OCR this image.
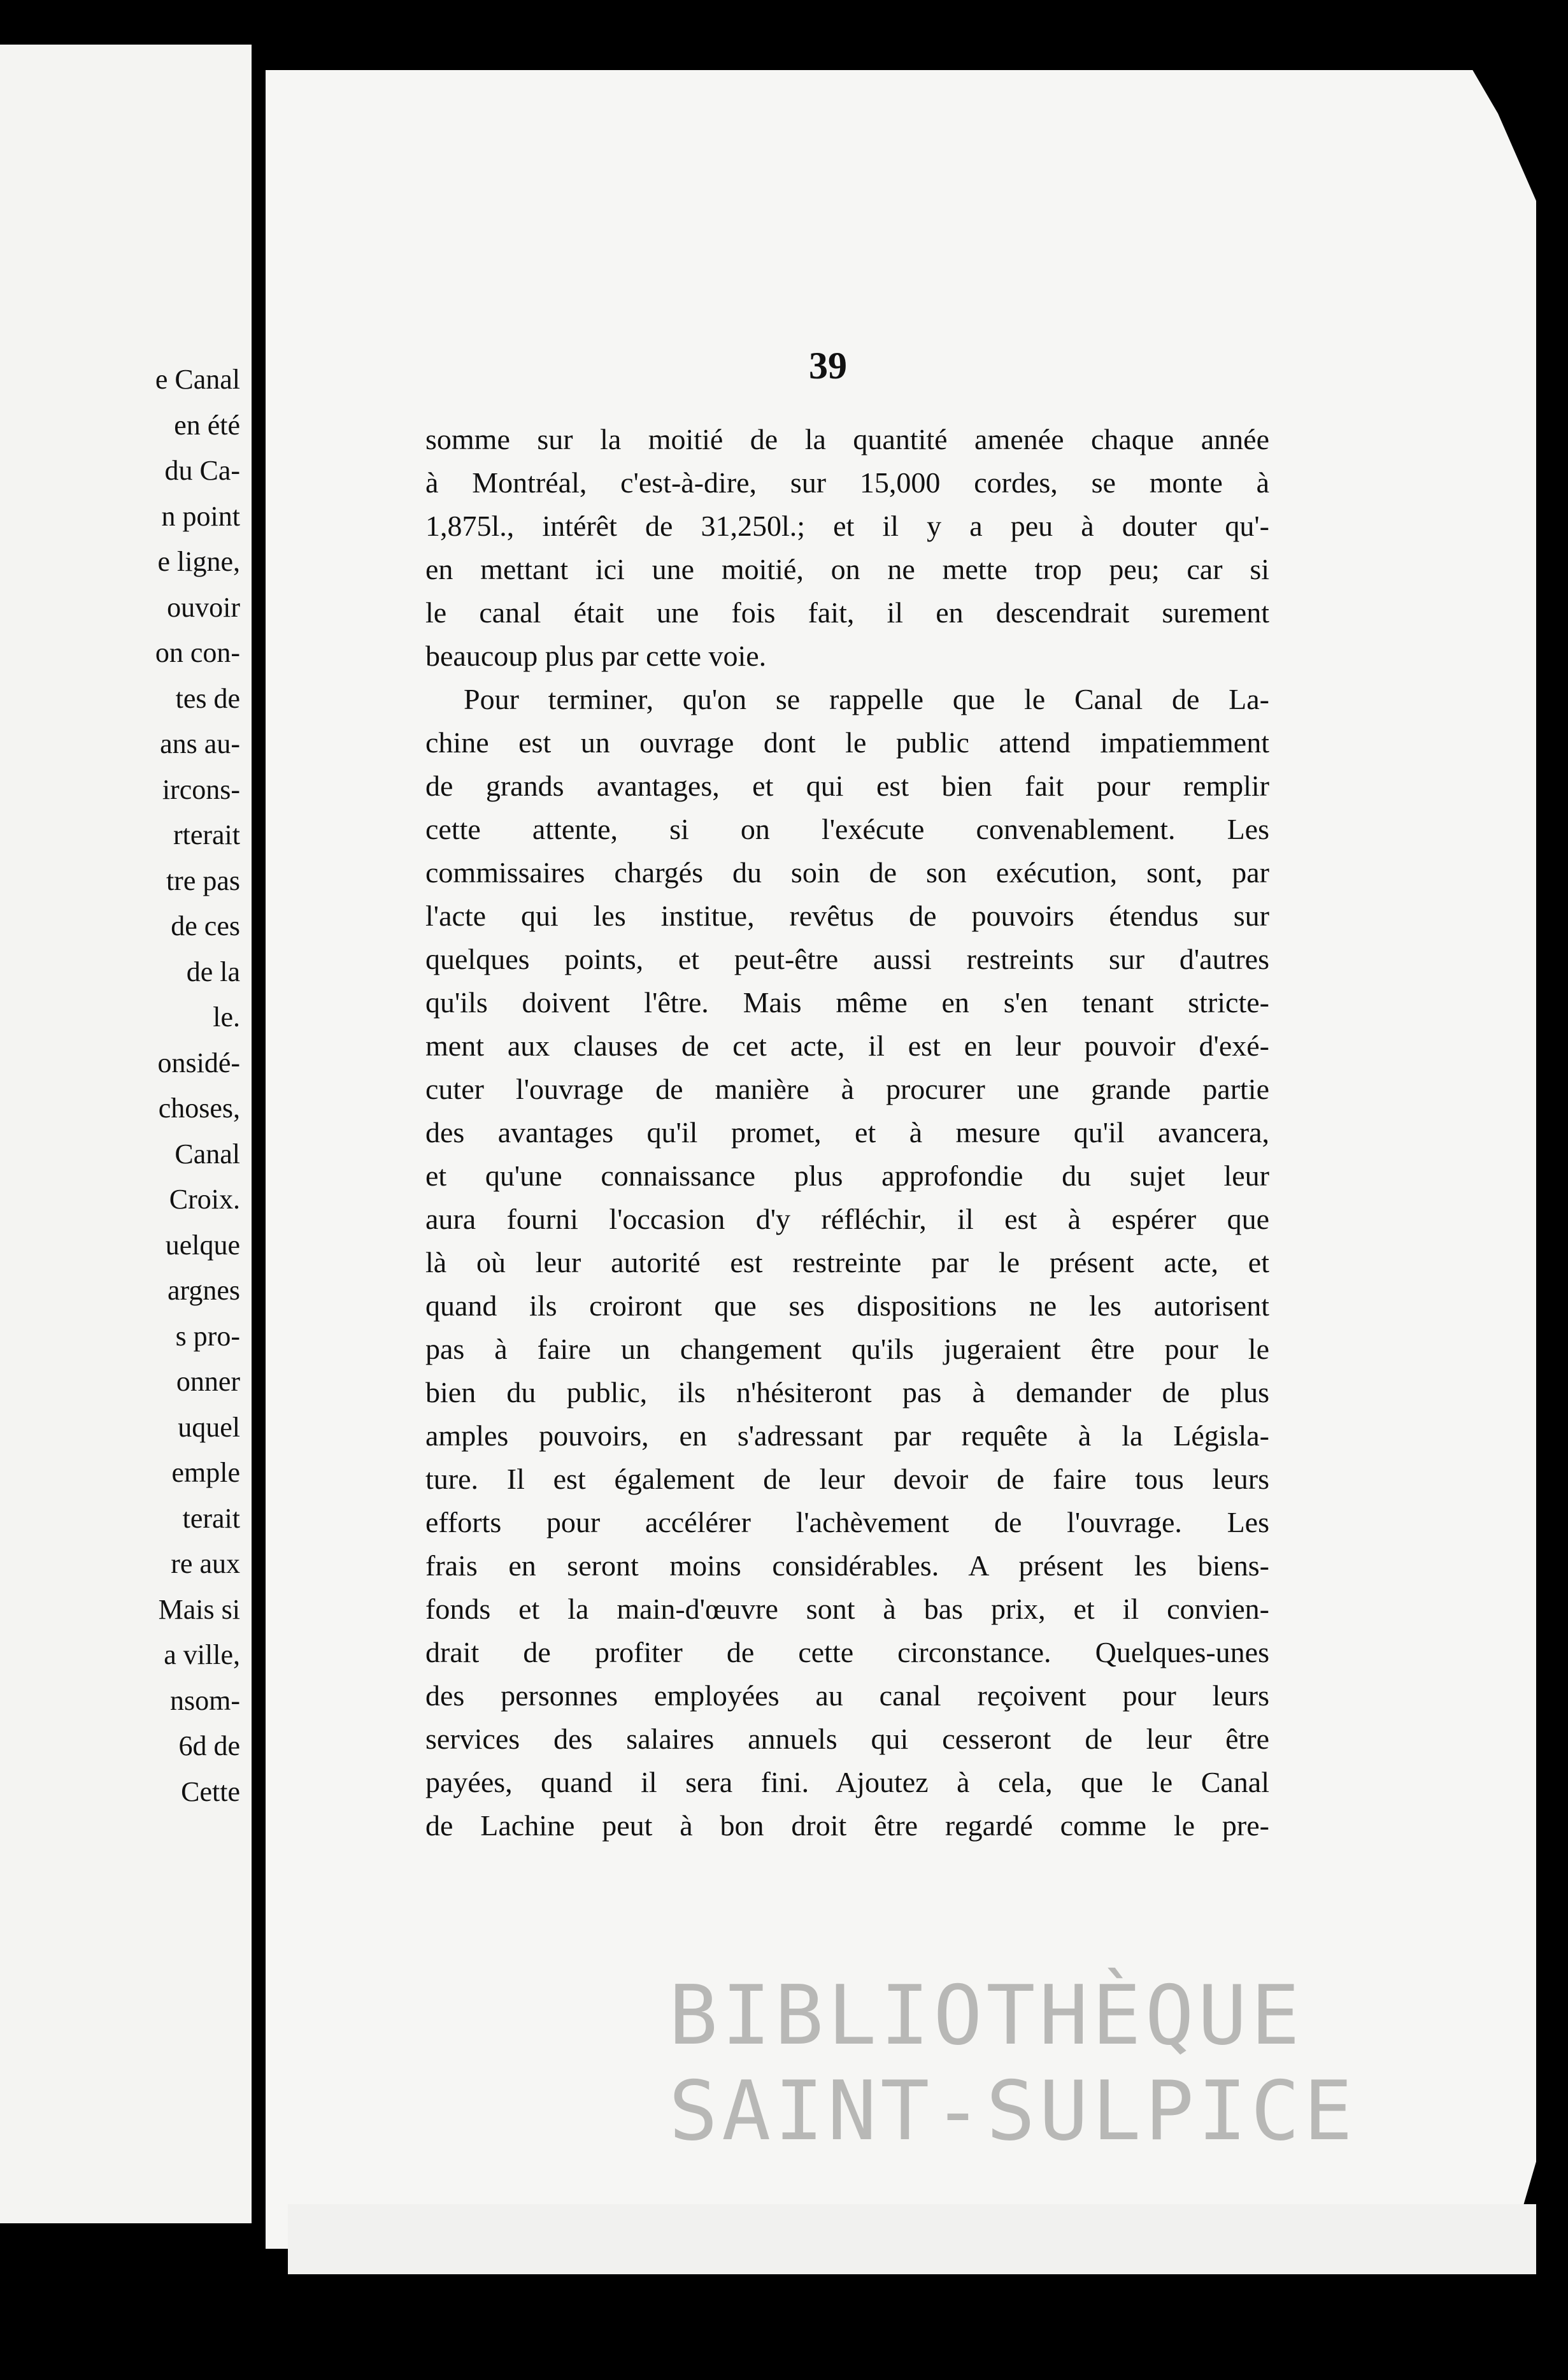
e Canal
en été
du Ca-
n point
e ligne,
ouvoir
on con-
tes de
ans au-
ircons-
rterait
tre pas
de ces
de la
le.
onsidé-
choses,
Canal
Croix.
uelque
argnes
s pro-
onner
uquel
emple
terait
re aux
Mais si
a ville,
nsom-
6d de
Cette
39
somme sur la moitié de la quantité amenée chaque année
à Montréal, c'est-à-dire, sur 15,000 cordes, se monte à
1,875l., intérêt de 31,250l.; et il y a peu à douter qu'-
en mettant ici une moitié, on ne mette trop peu; car si
le canal était une fois fait, il en descendrait surement
beaucoup plus par cette voie.
Pour terminer, qu'on se rappelle que le Canal de La-
chine est un ouvrage dont le public attend impatiemment
de grands avantages, et qui est bien fait pour remplir
cette attente, si on l'exécute convenablement. Les
commissaires chargés du soin de son exécution, sont, par
l'acte qui les institue, revêtus de pouvoirs étendus sur
quelques points, et peut-être aussi restreints sur d'autres
qu'ils doivent l'être. Mais même en s'en tenant stricte-
ment aux clauses de cet acte, il est en leur pouvoir d'exé-
cuter l'ouvrage de manière à procurer une grande partie
des avantages qu'il promet, et à mesure qu'il avancera,
et qu'une connaissance plus approfondie du sujet leur
aura fourni l'occasion d'y réfléchir, il est à espérer que
là où leur autorité est restreinte par le présent acte, et
quand ils croiront que ses dispositions ne les autorisent
pas à faire un changement qu'ils jugeraient être pour le
bien du public, ils n'hésiteront pas à demander de plus
amples pouvoirs, en s'adressant par requête à la Législa-
ture. Il est également de leur devoir de faire tous leurs
efforts pour accélérer l'achèvement de l'ouvrage. Les
frais en seront moins considérables. A présent les biens-
fonds et la main-d'œuvre sont à bas prix, et il convien-
drait de profiter de cette circonstance. Quelques-unes
des personnes employées au canal reçoivent pour leurs
services des salaires annuels qui cesseront de leur être
payées, quand il sera fini. Ajoutez à cela, que le Canal
de Lachine peut à bon droit être regardé comme le pre-
BIBLIOTHÈQUE
SAINT-SULPICE
